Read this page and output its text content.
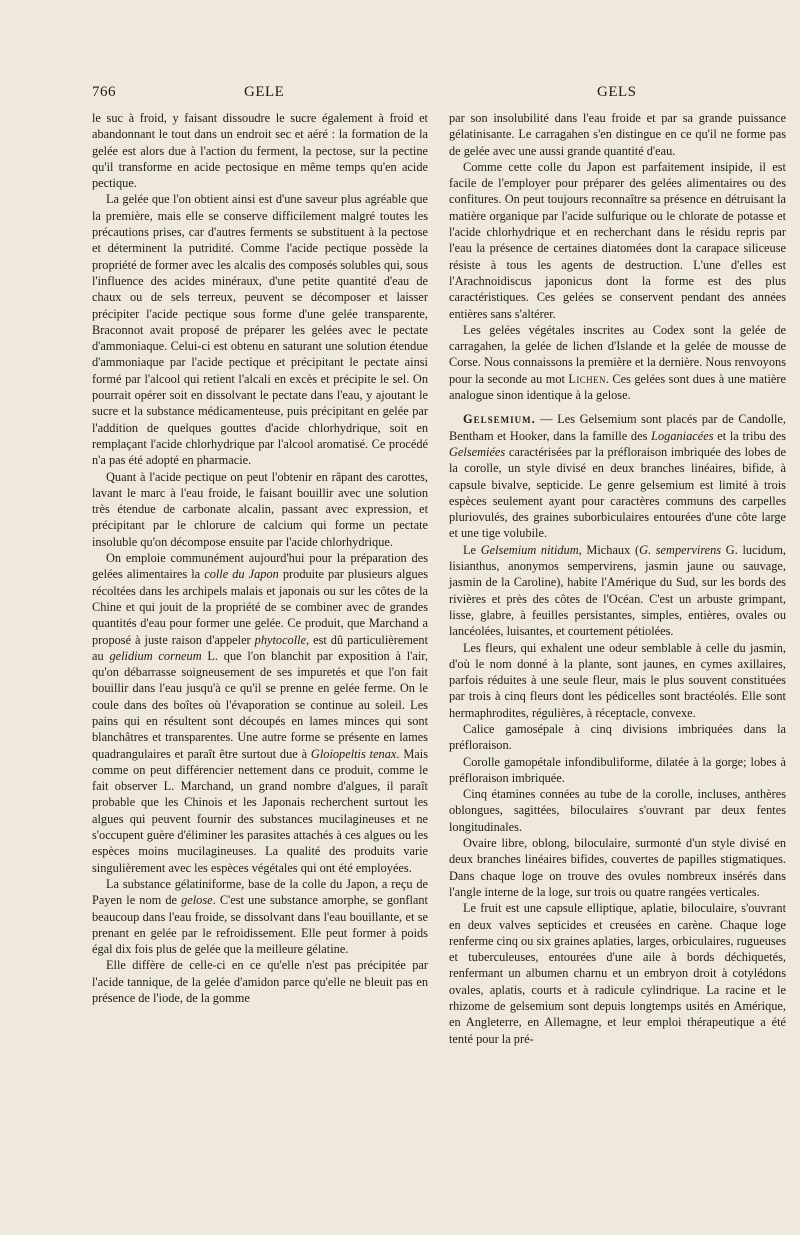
766	GELE	GELS

le suc à froid, y faisant dissoudre le sucre également à froid et abandonnant le tout dans un endroit sec et aéré : la formation de la gelée est alors due à l'action du ferment, la pectose, sur la pectine qu'il transforme en acide pectosique en même temps qu'en acide pectique.

La gelée que l'on obtient ainsi est d'une saveur plus agréable que la première, mais elle se conserve difficilement malgré toutes les précautions prises, car d'autres ferments se substituent à la pectose et déterminent la putridité. Comme l'acide pectique possède la propriété de former avec les alcalis des composés solubles qui, sous l'influence des acides minéraux, d'une petite quantité d'eau de chaux ou de sels terreux, peuvent se décomposer et laisser précipiter l'acide pectique sous forme d'une gelée transparente, Braconnot avait proposé de préparer les gelées avec le pectate d'ammoniaque. Celui-ci est obtenu en saturant une solution étendue d'ammoniaque par l'acide pectique et précipitant le pectate ainsi formé par l'alcool qui retient l'alcali en excès et précipite le sel. On pourrait opérer soit en dissolvant le pectate dans l'eau, y ajoutant le sucre et la substance médicamenteuse, puis précipitant en gelée par l'addition de quelques gouttes d'acide chlorhydrique, soit en remplaçant l'acide chlorhydrique par l'alcool aromatisé. Ce procédé n'a pas été adopté en pharmacie.

Quant à l'acide pectique on peut l'obtenir en râpant des carottes, lavant le marc à l'eau froide, le faisant bouillir avec une solution très étendue de carbonate alcalin, passant avec expression, et précipitant par le chlorure de calcium qui forme un pectate insoluble qu'on décompose ensuite par l'acide chlorhydrique.

On emploie communément aujourd'hui pour la préparation des gelées alimentaires la colle du Japon produite par plusieurs algues récoltées dans les archipels malais et japonais ou sur les côtes de la Chine et qui jouit de la propriété de se combiner avec de grandes quantités d'eau pour former une gelée. Ce produit, que Marchand a proposé à juste raison d'appeler phytocolle, est dû particulièrement au gelidium corneum L. que l'on blanchit par exposition à l'air, qu'on débarrasse soigneusement de ses impuretés et que l'on fait bouillir dans l'eau jusqu'à ce qu'il se prenne en gelée ferme. On le coule dans des boîtes où l'évaporation se continue au soleil. Les pains qui en résultent sont découpés en lames minces qui sont blanchâtres et transparentes. Une autre forme se présente en lames quadrangulaires et paraît être surtout due à Gloiopeltis tenax. Mais comme on peut différencier nettement dans ce produit, comme le fait observer L. Marchand, un grand nombre d'algues, il paraît probable que les Chinois et les Japonais recherchent surtout les algues qui peuvent fournir des substances mucilagineuses et ne s'occupent guère d'éliminer les parasites attachés à ces algues ou les espèces moins mucilagineuses. La qualité des produits varie singulièrement avec les espèces végétales qui ont été employées.

La substance gélatiniforme, base de la colle du Japon, a reçu de Payen le nom de gelose. C'est une substance amorphe, se gonflant beaucoup dans l'eau froide, se dissolvant dans l'eau bouillante, et se prenant en gelée par le refroidissement. Elle peut former à poids égal dix fois plus de gelée que la meilleure gélatine.

Elle diffère de celle-ci en ce qu'elle n'est pas précipitée par l'acide tannique, de la gelée d'amidon parce qu'elle ne bleuit pas en présence de l'iode, de la gomme

par son insolubilité dans l'eau froide et par sa grande puissance gélatinisante. Le carragahen s'en distingue en ce qu'il ne forme pas de gelée avec une aussi grande quantité d'eau.

Comme cette colle du Japon est parfaitement insipide, il est facile de l'employer pour préparer des gelées alimentaires ou des confitures. On peut toujours reconnaître sa présence en détruisant la matière organique par l'acide sulfurique ou le chlorate de potasse et l'acide chlorhydrique et en recherchant dans le résidu repris par l'eau la présence de certaines diatomées dont la carapace siliceuse résiste à tous les agents de destruction. L'une d'elles est l'Arachnoidiscus japonicus dont la forme est des plus caractéristiques. Ces gelées se conservent pendant des années entières sans s'altérer.

Les gelées végétales inscrites au Codex sont la gelée de carragahen, la gelée de lichen d'Islande et la gelée de mousse de Corse. Nous connaissons la première et la dernière. Nous renvoyons pour la seconde au mot Lichen. Ces gelées sont dues à une matière analogue sinon identique à la gelose.

Gelsemium. — Les Gelsemium sont placés par de Candolle, Bentham et Hooker, dans la famille des Loganiacées et la tribu des Gelsemiées caractérisées par la préfloraison imbriquée des lobes de la corolle, un style divisé en deux branches linéaires, bifide, à capsule bivalve, septicide. Le genre gelsemium est limité à trois espèces seulement ayant pour caractères communs des carpelles pluriovulés, des graines suborbiculaires entourées d'une côte large et une tige volubile.

Le Gelsemium nitidum, Michaux (G. sempervirens G. lucidum, lisianthus, anonymos sempervirens, jasmin jaune ou sauvage, jasmin de la Caroline), habite l'Amérique du Sud, sur les bords des rivières et près des côtes de l'Océan. C'est un arbuste grimpant, lisse, glabre, à feuilles persistantes, simples, entières, ovales ou lancéolées, luisantes, et courtement pétiolées.

Les fleurs, qui exhalent une odeur semblable à celle du jasmin, d'où le nom donné à la plante, sont jaunes, en cymes axillaires, parfois réduites à une seule fleur, mais le plus souvent constituées par trois à cinq fleurs dont les pédicelles sont bractéolés. Elle sont hermaphrodites, régulières, à réceptacle, convexe.

Calice gamosépale à cinq divisions imbriquées dans la préfloraison.

Corolle gamopétale infondibuliforme, dilatée à la gorge; lobes à préfloraison imbriquée.

Cinq étamines connées au tube de la corolle, incluses, anthères oblongues, sagittées, biloculaires s'ouvrant par deux fentes longitudinales.

Ovaire libre, oblong, biloculaire, surmonté d'un style divisé en deux branches linéaires bifides, couvertes de papilles stigmatiques. Dans chaque loge on trouve des ovules nombreux insérés dans l'angle interne de la loge, sur trois ou quatre rangées verticales.

Le fruit est une capsule elliptique, aplatie, biloculaire, s'ouvrant en deux valves septicides et creusées en carène. Chaque loge renferme cinq ou six graines aplaties, larges, orbiculaires, rugueuses et tuberculeuses, entourées d'une aile à bords déchiquetés, renfermant un albumen charnu et un embryon droit à cotylédons ovales, aplatis, courts et à radicule cylindrique. La racine et le rhizome de gelsemium sont depuis longtemps usités en Amérique, en Angleterre, en Allemagne, et leur emploi thérapeutique a été tenté pour la pré-
